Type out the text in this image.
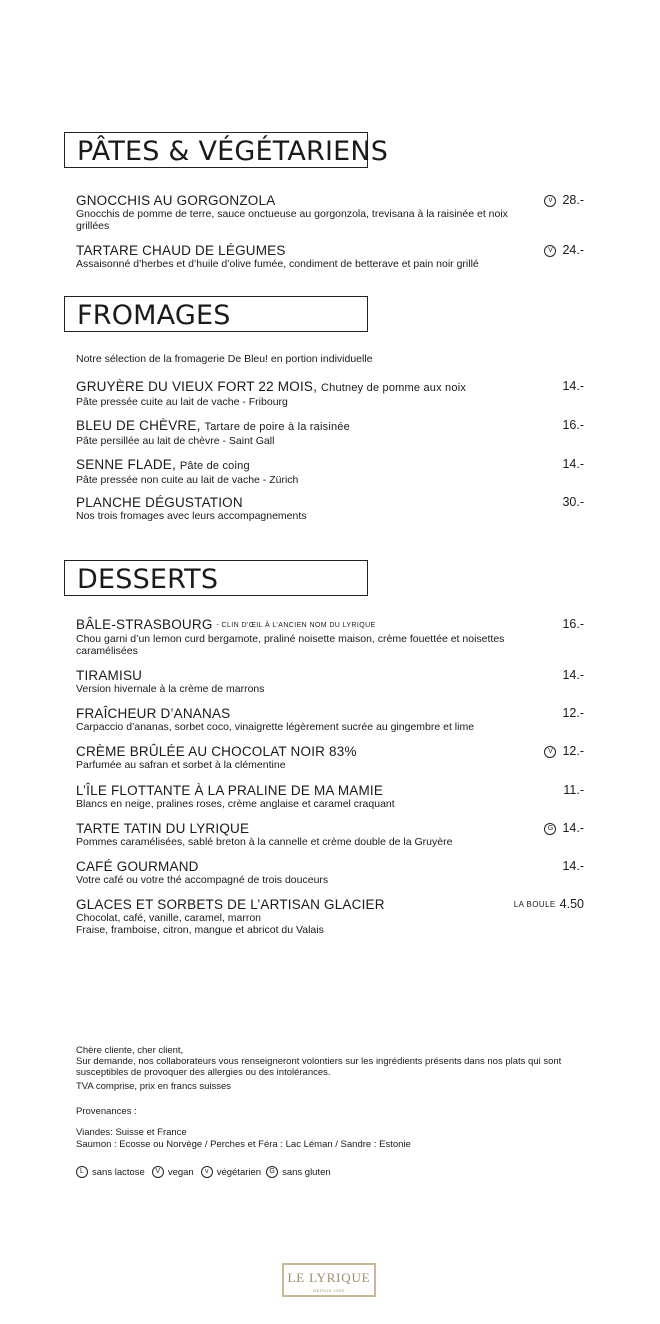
PÂTES & VÉGÉTARIENS
GNOCCHIS AU GORGONZOLA
Gnocchis de pomme de terre, sauce onctueuse au gorgonzola, trevisana à la raisinée et noix grillées
v 28.-
TARTARE CHAUD DE LÉGUMES
Assaisonné d’herbes et d’huile d’olive fumée, condiment de betterave et pain noir grillé
V 24.-
FROMAGES
Notre sélection de la fromagerie De Bleu! en portion individuelle
GRUYÈRE DU VIEUX FORT 22 MOIS, Chutney de pomme aux noix
Pâte pressée cuite au lait de vache - Fribourg
14.-
BLEU DE CHÈVRE, Tartare de poire à la raisinée
Pâte persillée au lait de chèvre - Saint Gall
16.-
SENNE FLADE, Pâte de coing
Pâte pressée non cuite au lait de vache - Zürich
14.-
PLANCHE DÉGUSTATION
Nos trois fromages avec leurs accompagnements
30.-
DESSERTS
BÂLE-STRASBOURG - CLIN D’ŒIL À L’ANCIEN NOM DU LYRIQUE
Chou garni d’un lemon curd bergamote, praliné noisette maison, crème fouettée et noisettes caramélisées
16.-
TIRAMISU
Version hivernale à la crème de marrons
14.-
FRAÎCHEUR D’ANANAS
Carpaccio d’ananas, sorbet coco, vinaigrette légèrement sucrée au gingembre et lime
12.-
CRÈME BRÛLÉE AU CHOCOLAT NOIR 83%
Parfumée au safran et sorbet à la clémentine
V 12.-
L’ÎLE FLOTTANTE À LA PRALINE DE MA MAMIE
Blancs en neige, pralines roses, crème anglaise et caramel craquant
11.-
TARTE TATIN DU LYRIQUE
Pommes caramélisées, sablé breton à la cannelle et crème double de la Gruyère
G 14.-
CAFÉ GOURMAND
Votre café ou votre thé accompagné de trois douceurs
14.-
GLACES ET SORBETS DE L’ARTISAN GLACIER
Chocolat, café, vanille, caramel, marron
Fraise, framboise, citron, mangue et abricot du Valais
LA BOULE 4.50
Chère cliente, cher client,
Sur demande, nos collaborateurs vous renseigneront volontiers sur les ingrédients présents dans nos plats qui sont susceptibles de provoquer des allergies ou des intolérances.
TVA comprise, prix en francs suisses
Provenances :
Viandes: Suisse et France
Saumon : Ecosse ou Norvège / Perches et Féra : Lac Léman / Sandre : Estonie
L sans lactose	V vegan	v végétarien	G sans gluten
LE LYRIQUE
DEPUIS 1900
